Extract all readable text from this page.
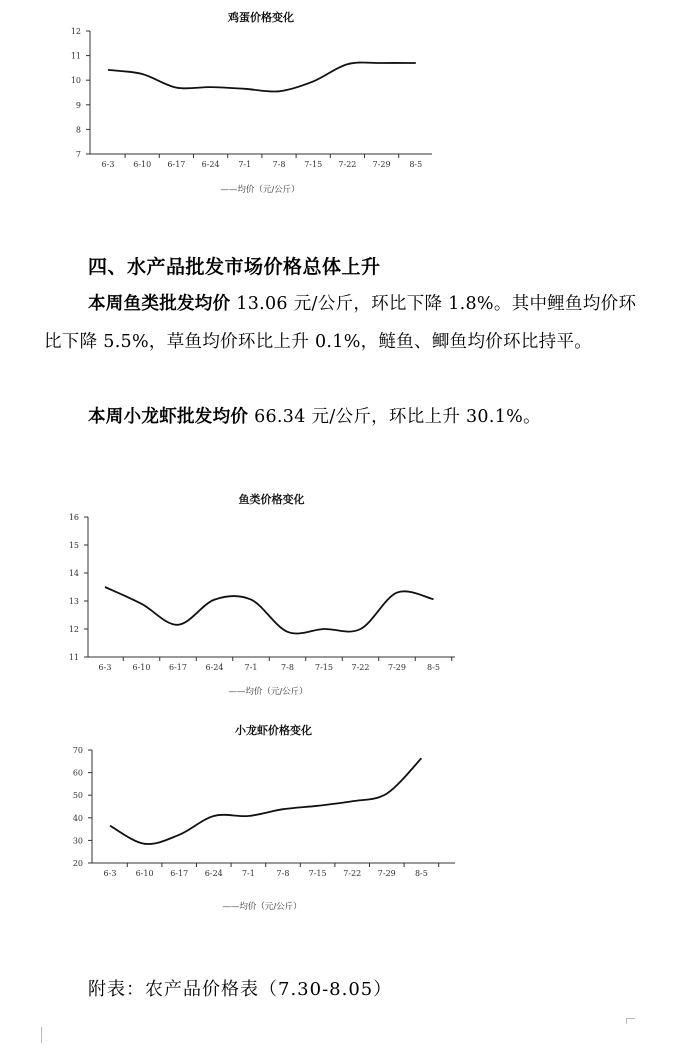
鸡蛋价格变化
7
8
9
10
11
12
6-3 6-10 6-17 6-24 7-1	7-8 7-15 7-22 7-29 8-5
——均价（元/公斤）
四、水产品批发市场价格总体上升
本周鱼类批发均价 13.06 元/公斤，环比下降 1.8%。其中鲤鱼均价环比下降 5.5%，草鱼均价环比上升 0.1%，鲢鱼、鲫鱼均价环比持平。
本周小龙虾批发均价 66.34 元/公斤，环比上升 30.1%。
鱼类价格变化
11
12
13
14
15
16
6-3	6-10 6-17 6-24	7-1	7-8	7-15 7-22 7-29	8-5
——均价（元/公斤）
小龙虾价格变化
20
30
40
50
60
70
6-3 6-10 6-17 6-24 7-1	7-8 7-15 7-22 7-29 8-5
——均价（元/公斤）
附表：农产品价格表（7.30-8.05）
